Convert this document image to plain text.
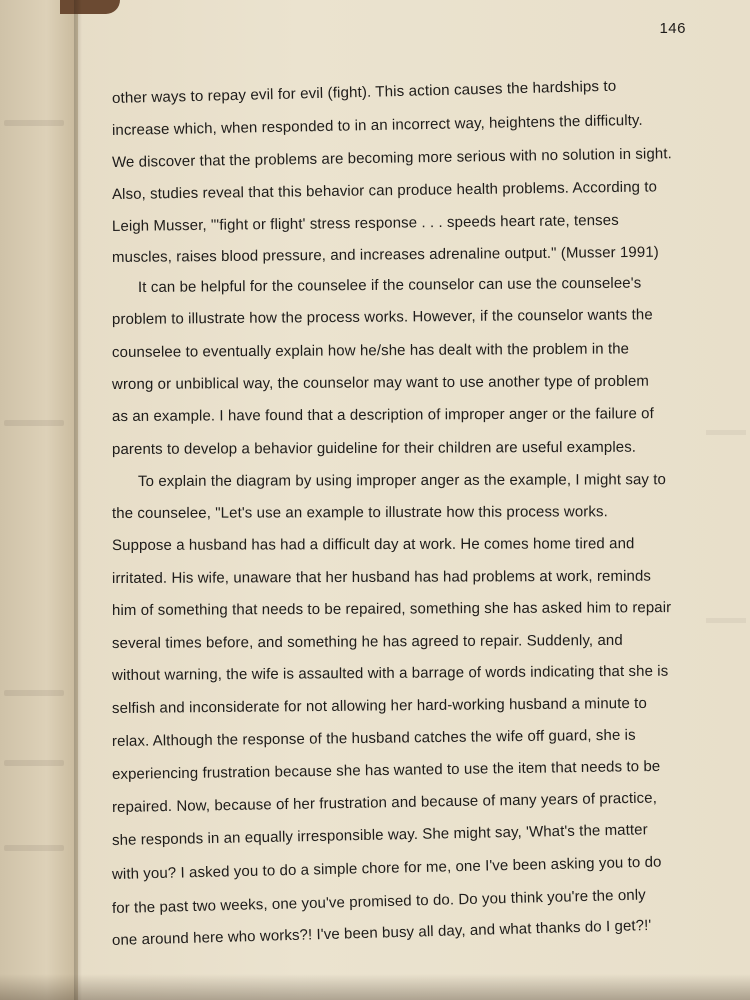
146
other ways to repay evil for evil (fight). This action causes the hardships to
increase which, when responded to in an incorrect way, heightens the difficulty.
We discover that the problems are becoming more serious with no solution in sight.
Also, studies reveal that this behavior can produce health problems. According to
Leigh Musser, "'fight or flight' stress response . . . speeds heart rate, tenses
muscles, raises blood pressure, and increases adrenaline output." (Musser 1991)
It can be helpful for the counselee if the counselor can use the counselee's
problem to illustrate how the process works. However, if the counselor wants the
counselee to eventually explain how he/she has dealt with the problem in the
wrong or unbiblical way, the counselor may want to use another type of problem
as an example. I have found that a description of improper anger or the failure of
parents to develop a behavior guideline for their children are useful examples.
To explain the diagram by using improper anger as the example, I might say to
the counselee, "Let's use an example to illustrate how this process works.
Suppose a husband has had a difficult day at work. He comes home tired and
irritated. His wife, unaware that her husband has had problems at work, reminds
him of something that needs to be repaired, something she has asked him to repair
several times before, and something he has agreed to repair. Suddenly, and
without warning, the wife is assaulted with a barrage of words indicating that she is
selfish and inconsiderate for not allowing her hard-working husband a minute to
relax. Although the response of the husband catches the wife off guard, she is
experiencing frustration because she has wanted to use the item that needs to be
repaired. Now, because of her frustration and because of many years of practice,
she responds in an equally irresponsible way. She might say, 'What's the matter
with you? I asked you to do a simple chore for me, one I've been asking you to do
for the past two weeks, one you've promised to do. Do you think you're the only
one around here who works?! I've been busy all day, and what thanks do I get?!'
